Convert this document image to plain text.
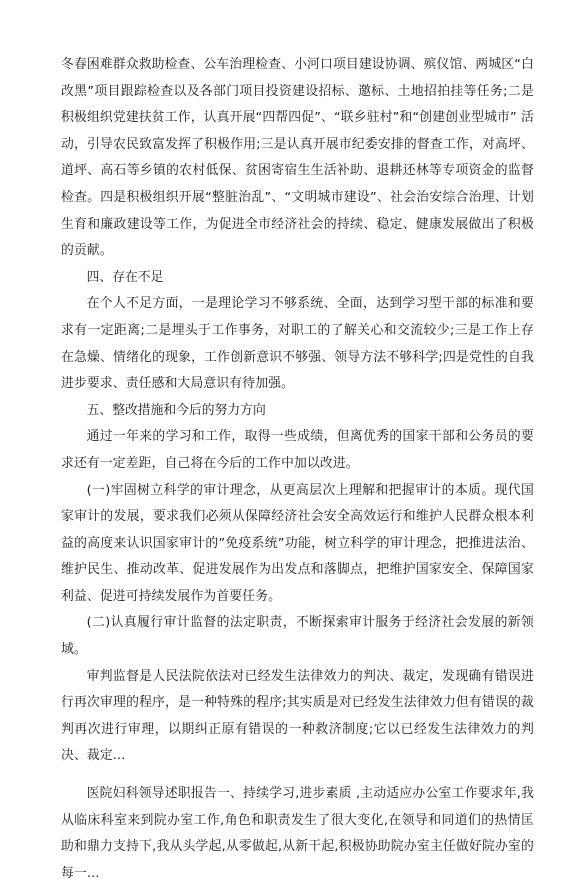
冬春困难群众救助检查、公车治理检查、小河口项目建设协调、殡仪馆、两城区“白改黑”项目跟踪检查以及各部门项目投资建设招标、邀标、土地招拍挂等任务;二是积极组织党建扶贫工作，认真开展“四帮四促”、“联乡驻村”和“创建创业型城市” 活动，引导农民致富发挥了积极作用;三是认真开展市纪委安排的督查工作，对高坪、道坪、高石等乡镇的农村低保、贫困寄宿生生活补助、退耕还林等专项资金的监督检查。四是积极组织开展“整脏治乱”、“文明城市建设”、社会治安综合治理、计划生育和廉政建设等工作，为促进全市经济社会的持续、稳定、健康发展做出了积极的贡献。

四、存在不足

在个人不足方面，一是理论学习不够系统、全面，达到学习型干部的标准和要求有一定距离;二是埋头于工作事务，对职工的了解关心和交流较少;三是工作上存在急燥、情绪化的现象，工作创新意识不够强、领导方法不够科学;四是党性的自我进步要求、责任感和大局意识有待加强。

五、整改措施和今后的努力方向

通过一年来的学习和工作，取得一些成绩，但离优秀的国家干部和公务员的要求还有一定差距，自己将在今后的工作中加以改进。

(一)牢固树立科学的审计理念，从更高层次上理解和把握审计的本质。现代国家审计的发展，要求我们必须从保障经济社会安全高效运行和维护人民群众根本利益的高度来认识国家审计的”免疫系统”功能，树立科学的审计理念，把推进法治、维护民生、推动改革、促进发展作为出发点和落脚点，把维护国家安全、保障国家利益、促进可持续发展作为首要任务。

(二)认真履行审计监督的法定职责，不断探索审计服务于经济社会发展的新领域。

审判监督是人民法院依法对已经发生法律效力的判决、裁定，发现确有错误进行再次审理的程序，是一种特殊的程序;其实质是对已经发生法律效力但有错误的裁判再次进行审理，以期纠正原有错误的一种救济制度;它以已经发生法律效力的判决、裁定...

医院妇科领导述职报告一、持续学习,进步素质 ,主动适应办公室工作要求年,我从临床科室来到院办室工作,角色和职责发生了很大变化,在领导和同道们的热情匡助和鼎力支持下,我从头学起,从零做起,从新干起,积极协助院办室主任做好院办室的每一...
